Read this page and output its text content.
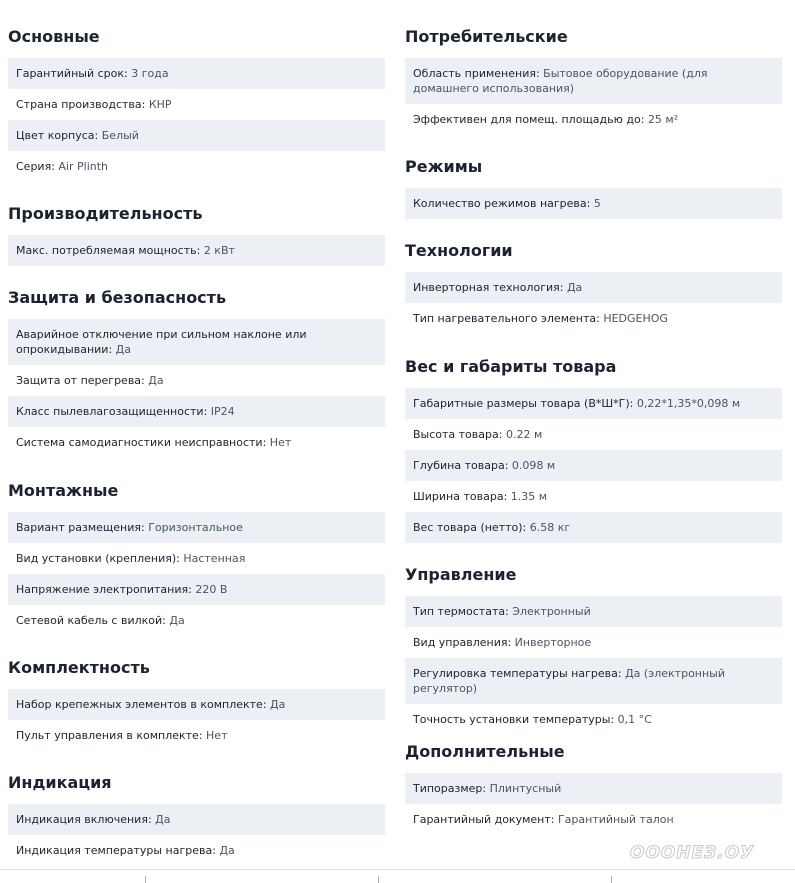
Основные
Гарантийный срок: 3 года
Страна производства: КНР
Цвет корпуса: Белый
Серия: Air Plinth
Производительность
Макс. потребляемая мощность: 2 кВт
Защита и безопасность
Аварийное отключение при сильном наклоне или опрокидывании: Да
Защита от перегрева: Да
Класс пылевлагозащищенности: IP24
Система самодиагностики неисправности: Нет
Монтажные
Вариант размещения: Горизонтальное
Вид установки (крепления): Настенная
Напряжение электропитания: 220 В
Сетевой кабель с вилкой: Да
Комплектность
Набор крепежных элементов в комплекте: Да
Пульт управления в комплекте: Нет
Индикация
Индикация включения: Да
Индикация температуры нагрева: Да
Потребительские
Область применения: Бытовое оборудование (для домашнего использования)
Эффективен для помещ. площадью до: 25 м²
Режимы
Количество режимов нагрева: 5
Технологии
Инверторная технология: Да
Тип нагревательного элемента: HEDGEHOG
Вес и габариты товара
Габаритные размеры товара (В*Ш*Г): 0,22*1,35*0,098 м
Высота товара: 0.22 м
Глубина товара: 0.098 м
Ширина товара: 1.35 м
Вес товара (нетто): 6.58 кг
Управление
Тип термостата: Электронный
Вид управления: Инверторное
Регулировка температуры нагрева: Да (электронный регулятор)
Точность установки температуры: 0,1 °С
Дополнительные
Типоразмер: Плинтусный
Гарантийный документ: Гарантийный талон
ОООНЕЗ.ОУ
